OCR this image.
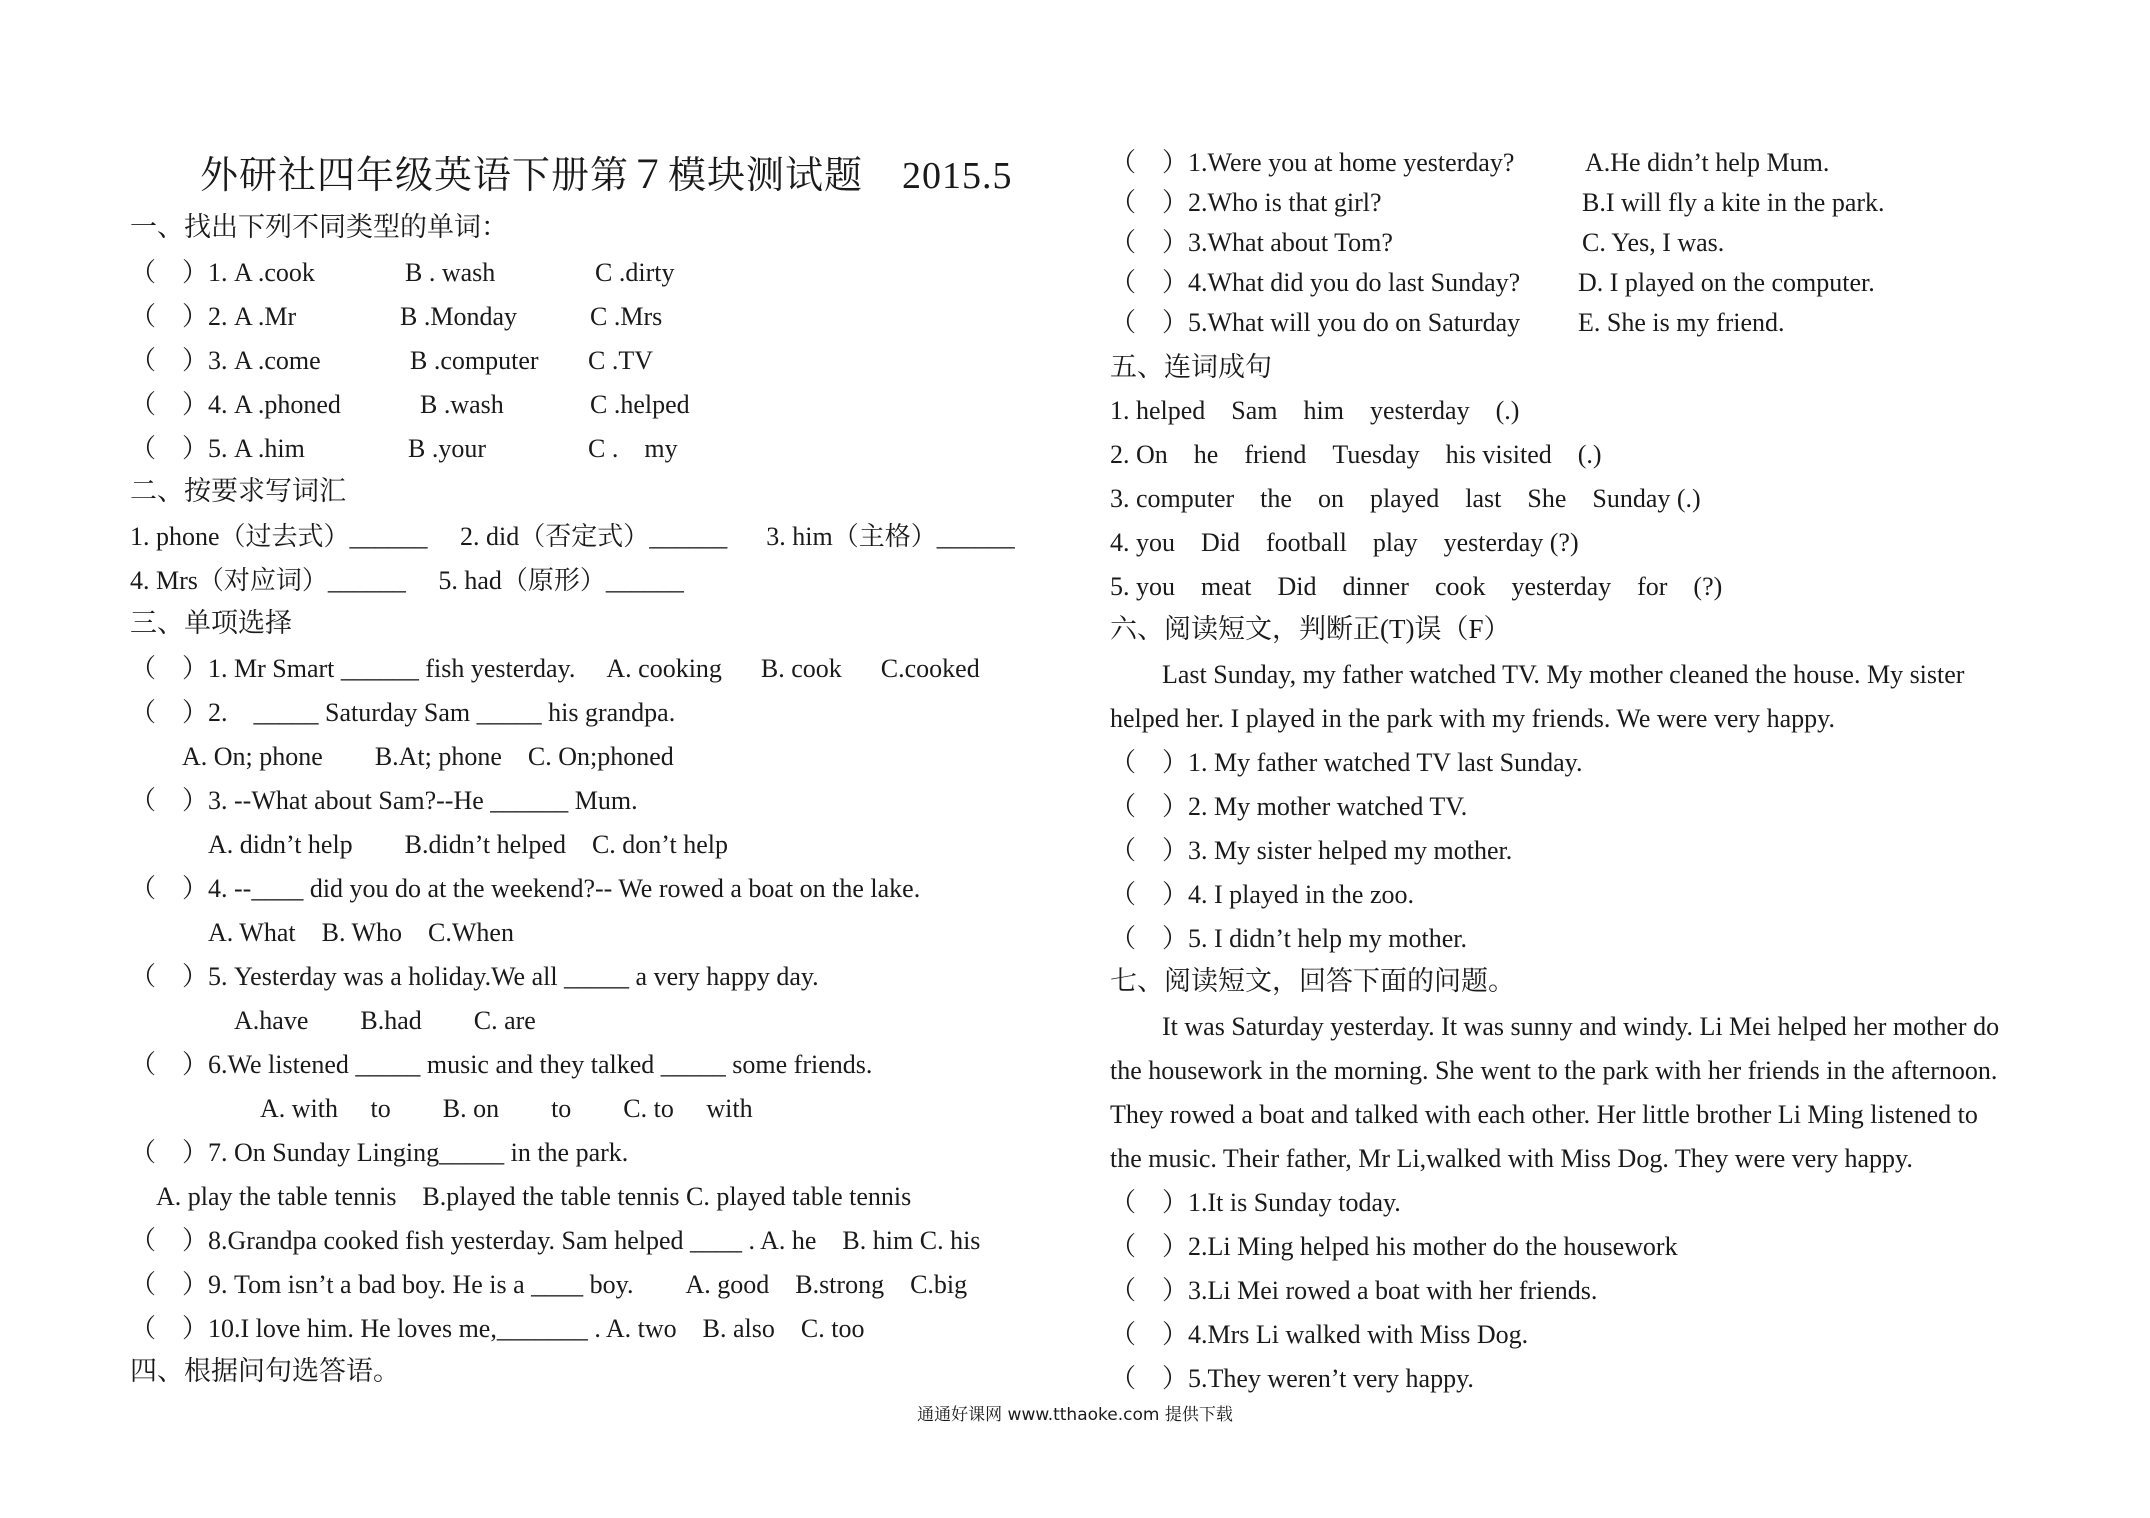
外研社四年级英语下册第７模块测试题　2015.5
一、找出下列不同类型的单词：
（　）1. A .cook	B . wash	C .dirty
（　）2. A .Mr	B .Monday	C .Mrs
（　）3. A .come	B .computer C .TV
（　）4. A .phoned	B .wash	C .helped
（　）5. A .him	B .your	C .　my
二、按要求写词汇
1. phone（过去式）______ 　2. did（否定式）______ 　 3. him（主格）______
4. Mrs（对应词）______ 　5. had（原形）______
三、单项选择
（　）1. Mr Smart ______ fish yesterday.　 A. cooking 　 B. cook 　 C.cooked
（　）2.　_____ Saturday Sam _____ his grandpa.
　　A. On; phone　　B.At; phone　C. On;phoned
（　）3. --What about Sam?--He ______ Mum.
　　　A. didn’t help　　B.didn’t helped　C. don’t help
（　）4. --____ did you do at the weekend?-- We rowed a boat on the lake.
　　　A. What　B. Who　C.When
（　）5. Yesterday was a holiday.We all _____ a very happy day.
　　　　A.have　　B.had　　C. are
（　）6.We listened _____ music and they talked _____ some friends.
　　　　　A. with　 to　　B. on　　to　　C. to　 with
（　）7. On Sunday Linging_____ in the park.
　A. play the table tennis　B.played the table tennis C. played table tennis
（　）8.Grandpa cooked fish yesterday. Sam helped ____ . A. he　B. him C. his
（　）9. Tom isn’t a bad boy. He is a ____ boy.　　A. good　B.strong　C.big
（　）10.I love him. He loves me,_______ . A. two　B. also　C. too
四、根据问句选答语。
（　）1.Were you at home yesterday?	A.He didn’t help Mum.
（　）2.Who is that girl?	B.I will fly a kite in the park.
（　）3.What about Tom?	C. Yes, I was.
（　）4.What did you do last Sunday? D. I played on the computer.
（　）5.What will you do on Saturday E. She is my friend.
五、连词成句
1. helped　Sam　him　yesterday　(.)
2. On　he　friend　Tuesday　his visited　(.)
3. computer　the　on　played　last　She　Sunday (.)
4. you　Did　football　play　yesterday (?)
5. you　meat　Did　dinner　cook　yesterday　for　(?)
六、阅读短文，判断正(T)误（F）
　　Last Sunday, my father watched TV. My mother cleaned the house. My sister
helped her. I played in the park with my friends. We were very happy.
（　）1. My father watched TV last Sunday.
（　）2. My mother watched TV.
（　）3. My sister helped my mother.
（　）4. I played in the zoo.
（　）5. I didn’t help my mother.
七、阅读短文，回答下面的问题。
　　It was Saturday yesterday. It was sunny and windy. Li Mei helped her mother do
the housework in the morning. She went to the park with her friends in the afternoon.
They rowed a boat and talked with each other. Her little brother Li Ming listened to
the music. Their father, Mr Li,walked with Miss Dog. They were very happy.
（　）1.It is Sunday today.
（　）2.Li Ming helped his mother do the housework
（　）3.Li Mei rowed a boat with her friends.
（　）4.Mrs Li walked with Miss Dog.
（　）5.They weren’t very happy.
通通好课网 www.tthaoke.com 提供下载
